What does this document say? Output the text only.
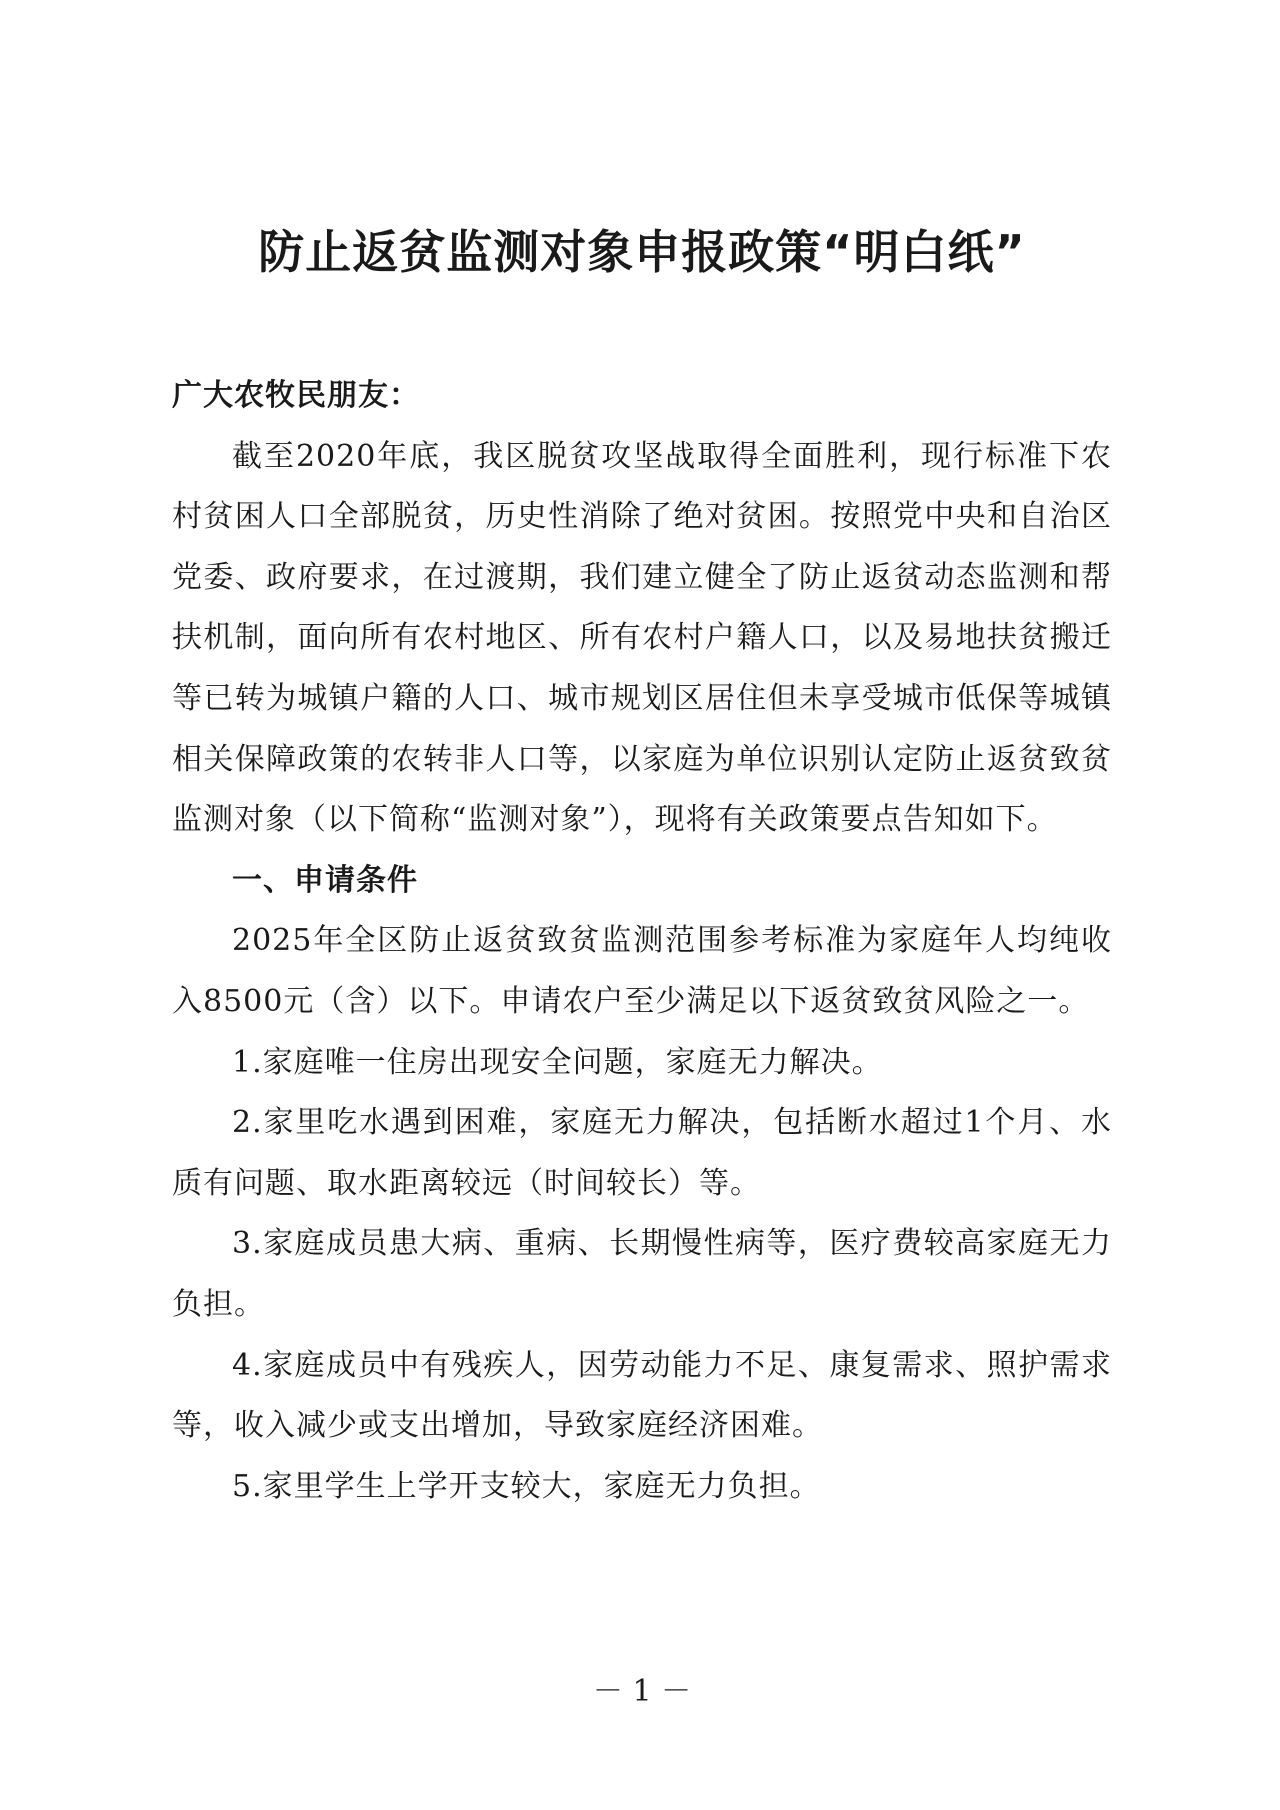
防止返贫监测对象申报政策“明白纸”

广大农牧民朋友：

截至2020年底，我区脱贫攻坚战取得全面胜利，现行标准下农村贫困人口全部脱贫，历史性消除了绝对贫困。按照党中央和自治区党委、政府要求，在过渡期，我们建立健全了防止返贫动态监测和帮扶机制，面向所有农村地区、所有农村户籍人口，以及易地扶贫搬迁等已转为城镇户籍的人口、城市规划区居住但未享受城市低保等城镇相关保障政策的农转非人口等，以家庭为单位识别认定防止返贫致贫监测对象（以下简称“监测对象”），现将有关政策要点告知如下。

一、申请条件

2025年全区防止返贫致贫监测范围参考标准为家庭年人均纯收入8500元（含）以下。申请农户至少满足以下返贫致贫风险之一。

1.家庭唯一住房出现安全问题，家庭无力解决。

2.家里吃水遇到困难，家庭无力解决，包括断水超过1个月、水质有问题、取水距离较远（时间较长）等。

3.家庭成员患大病、重病、长期慢性病等，医疗费较高家庭无力负担。

4.家庭成员中有残疾人，因劳动能力不足、康复需求、照护需求等，收入减少或支出增加，导致家庭经济困难。

5.家里学生上学开支较大，家庭无力负担。

－ 1 －
